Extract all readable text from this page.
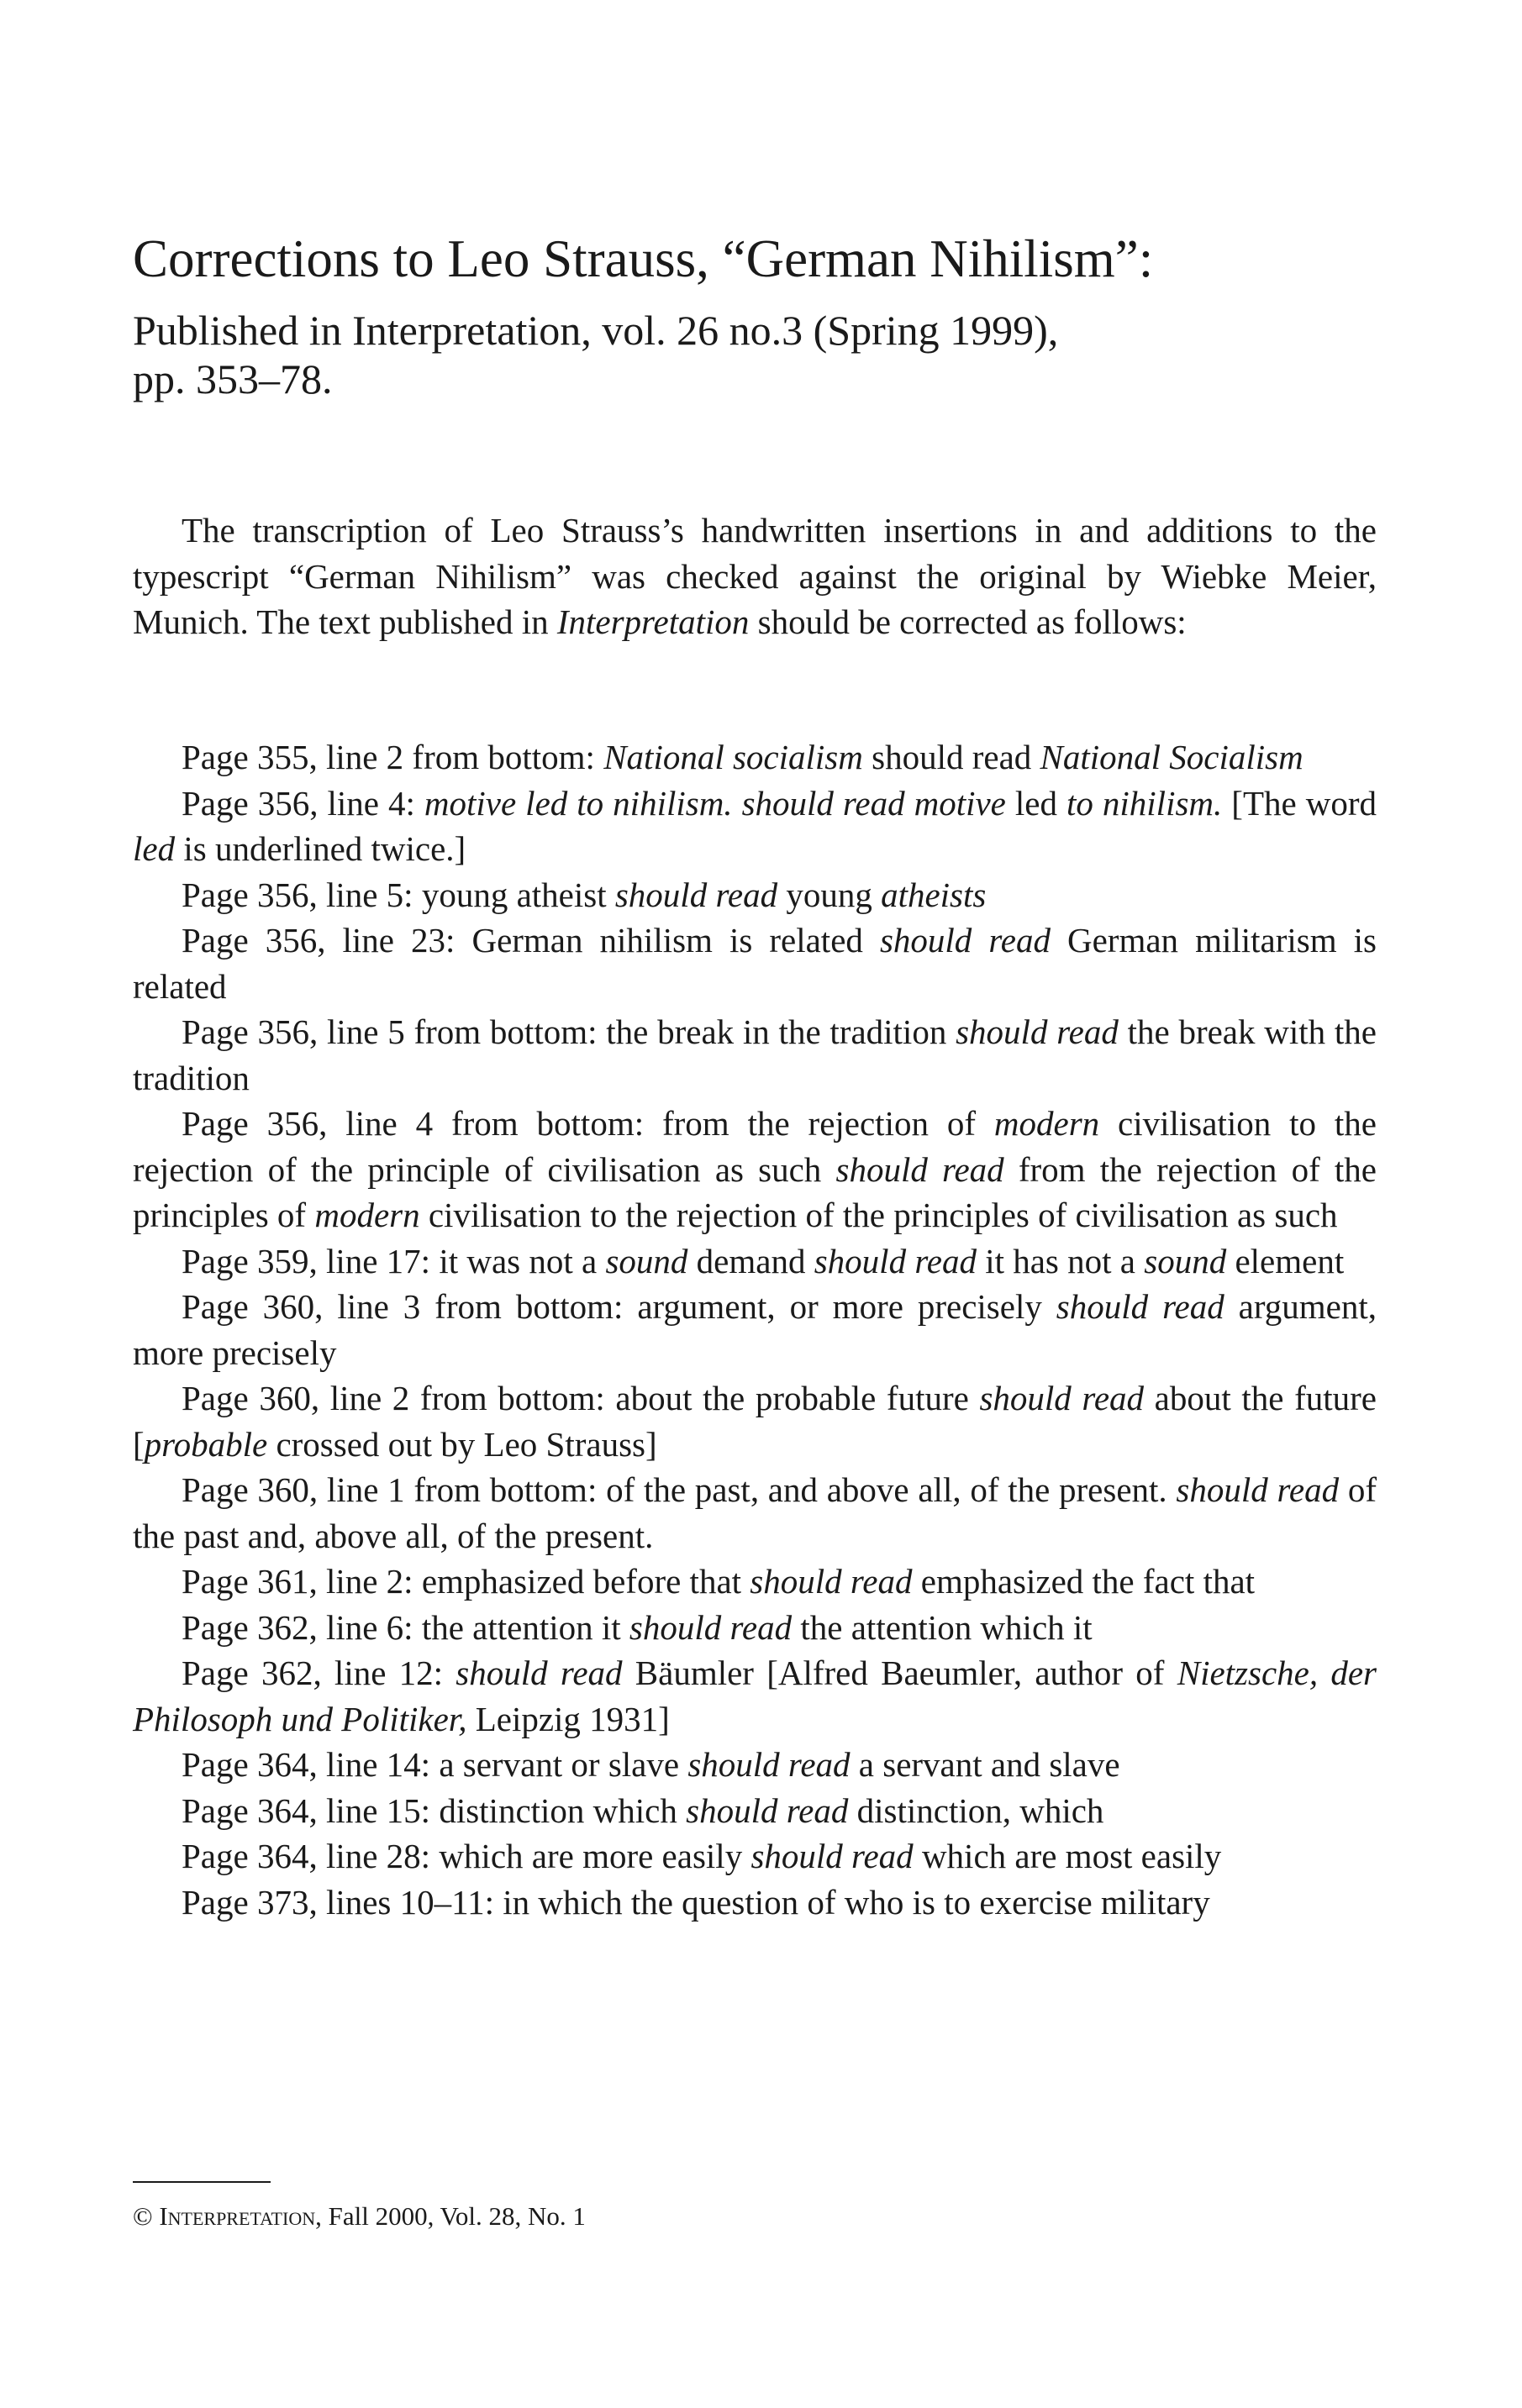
Corrections to Leo Strauss, “German Nihilism”:
Published in Interpretation, vol. 26 no.3 (Spring 1999),
pp. 353–78.

The transcription of Leo Strauss’s handwritten insertions in and additions to the typescript “German Nihilism” was checked against the original by Wiebke Meier, Munich. The text published in Interpretation should be corrected as follows:

Page 355, line 2 from bottom: National socialism should read National Socialism

Page 356, line 4: motive led to nihilism. should read motive led to nihilism. [The word led is underlined twice.]

Page 356, line 5: young atheist should read young atheists

Page 356, line 23: German nihilism is related should read German militarism is related

Page 356, line 5 from bottom: the break in the tradition should read the break with the tradition

Page 356, line 4 from bottom: from the rejection of modern civilisation to the rejection of the principle of civilisation as such should read from the rejection of the principles of modern civilisation to the rejection of the principles of civilisation as such

Page 359, line 17: it was not a sound demand should read it has not a sound element

Page 360, line 3 from bottom: argument, or more precisely should read argument, more precisely

Page 360, line 2 from bottom: about the probable future should read about the future [probable crossed out by Leo Strauss]

Page 360, line 1 from bottom: of the past, and above all, of the present. should read of the past and, above all, of the present.

Page 361, line 2: emphasized before that should read emphasized the fact that

Page 362, line 6: the attention it should read the attention which it

Page 362, line 12: should read Bäumler [Alfred Baeumler, author of Nietzsche, der Philosoph und Politiker, Leipzig 1931]

Page 364, line 14: a servant or slave should read a servant and slave

Page 364, line 15: distinction which should read distinction, which

Page 364, line 28: which are more easily should read which are most easily

Page 373, lines 10–11: in which the question of who is to exercise military

© Interpretation, Fall 2000, Vol. 28, No. 1
